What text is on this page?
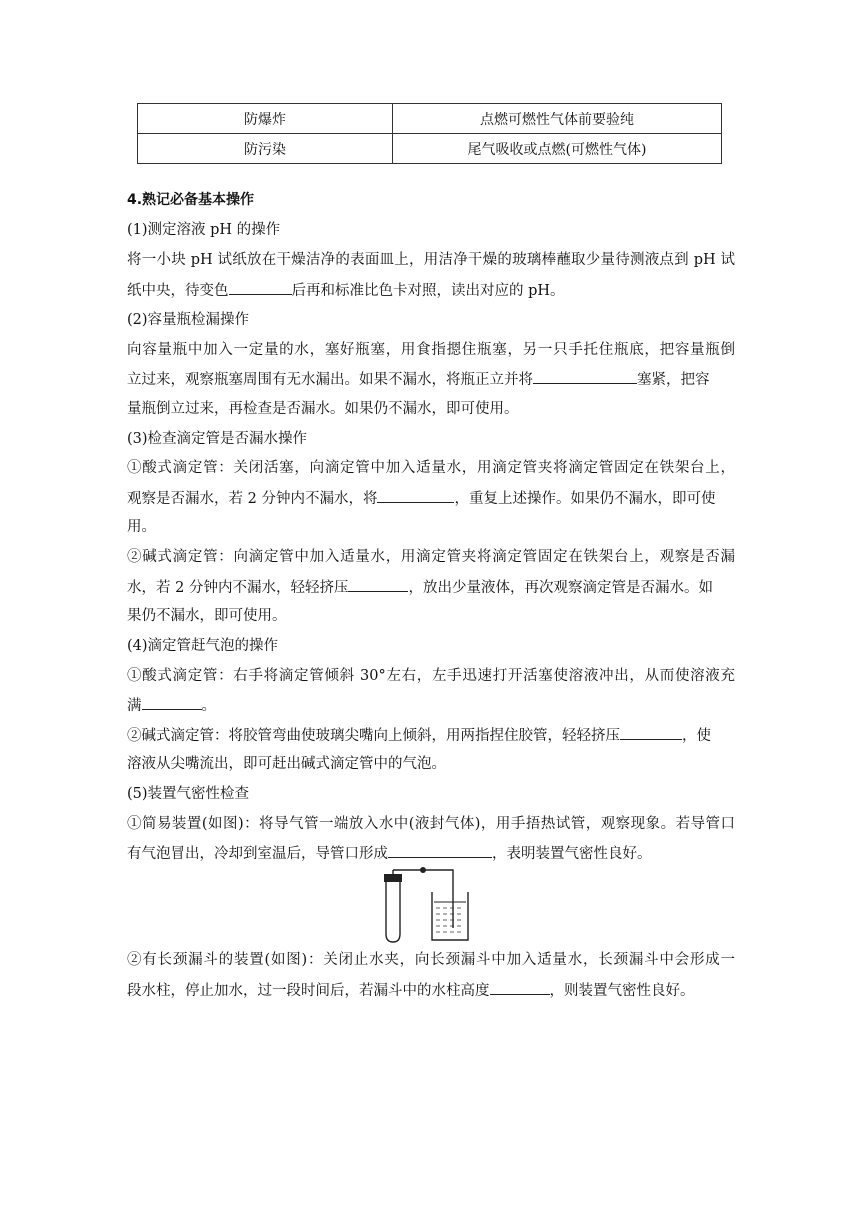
防爆炸	点燃可燃性气体前要验纯
防污染	尾气吸收或点燃(可燃性气体)
4.熟记必备基本操作
(1)测定溶液 pH 的操作
将一小块 pH 试纸放在干燥洁净的表面皿上，用洁净干燥的玻璃棒蘸取少量待测液点到 pH 试
纸中央，待变色	后再和标准比色卡对照，读出对应的 pH。
(2)容量瓶检漏操作
向容量瓶中加入一定量的水，塞好瓶塞，用食指摁住瓶塞，另一只手托住瓶底，把容量瓶倒
立过来，观察瓶塞周围有无水漏出。如果不漏水，将瓶正立并将	塞紧，把容
量瓶倒立过来，再检查是否漏水。如果仍不漏水，即可使用。
(3)检查滴定管是否漏水操作
①酸式滴定管：关闭活塞，向滴定管中加入适量水，用滴定管夹将滴定管固定在铁架台上，
观察是否漏水，若 2 分钟内不漏水，将	，重复上述操作。如果仍不漏水，即可使
用。
②碱式滴定管：向滴定管中加入适量水，用滴定管夹将滴定管固定在铁架台上，观察是否漏
水，若 2 分钟内不漏水，轻轻挤压	，放出少量液体，再次观察滴定管是否漏水。如
果仍不漏水，即可使用。
(4)滴定管赶气泡的操作
①酸式滴定管：右手将滴定管倾斜 30°左右，左手迅速打开活塞使溶液冲出，从而使溶液充
满	。
②碱式滴定管：将胶管弯曲使玻璃尖嘴向上倾斜，用两指捏住胶管，轻轻挤压	，使
溶液从尖嘴流出，即可赶出碱式滴定管中的气泡。
(5)装置气密性检查
①简易装置(如图)：将导气管一端放入水中(液封气体)，用手捂热试管，观察现象。若导管口
有气泡冒出，冷却到室温后，导管口形成	，表明装置气密性良好。
②有长颈漏斗的装置(如图)：关闭止水夹，向长颈漏斗中加入适量水，长颈漏斗中会形成一
段水柱，停止加水，过一段时间后，若漏斗中的水柱高度	，则装置气密性良好。
